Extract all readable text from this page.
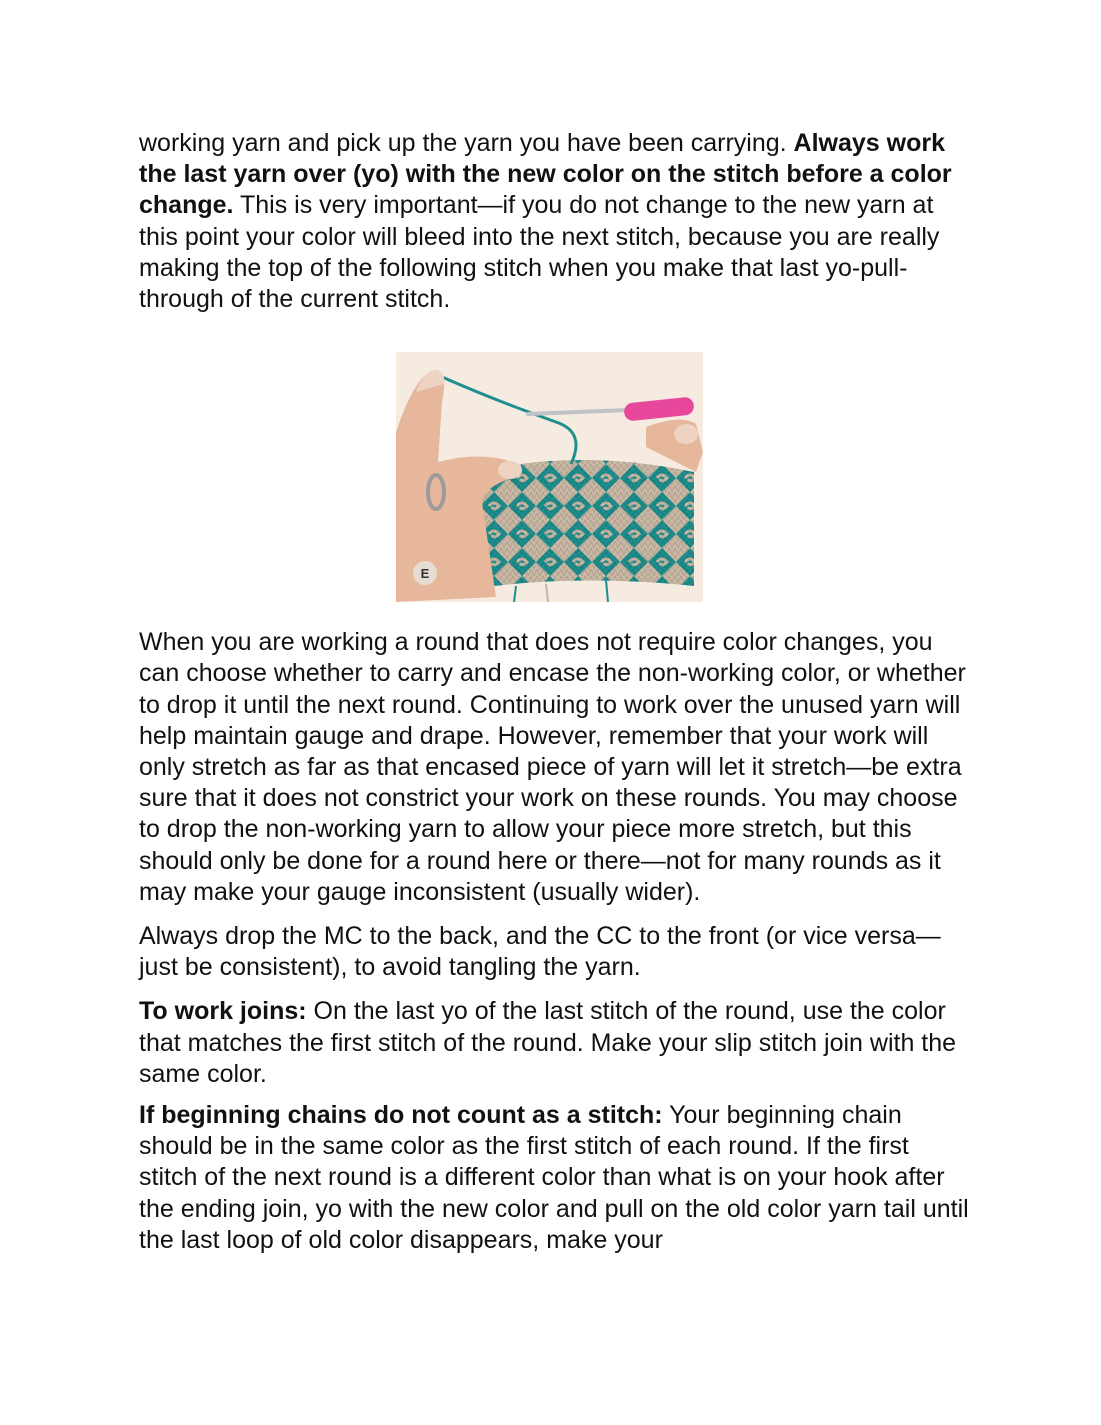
working yarn and pick up the yarn you have been carrying. Always work the last yarn over (yo) with the new color on the stitch before a color change. This is very important—if you do not change to the new yarn at this point your color will bleed into the next stitch, because you are really making the top of the following stitch when you make that last yo-pull-through of the current stitch.

E

When you are working a round that does not require color changes, you can choose whether to carry and encase the non-working color, or whether to drop it until the next round. Continuing to work over the unused yarn will help maintain gauge and drape. However, remember that your work will only stretch as far as that encased piece of yarn will let it stretch—be extra sure that it does not constrict your work on these rounds. You may choose to drop the non-working yarn to allow your piece more stretch, but this should only be done for a round here or there—not for many rounds as it may make your gauge inconsistent (usually wider).

Always drop the MC to the back, and the CC to the front (or vice versa—just be consistent), to avoid tangling the yarn.

To work joins: On the last yo of the last stitch of the round, use the color that matches the first stitch of the round. Make your slip stitch join with the same color.

If beginning chains do not count as a stitch: Your beginning chain should be in the same color as the first stitch of each round. If the first stitch of the next round is a different color than what is on your hook after the ending join, yo with the new color and pull on the old color yarn tail until the last loop of old color disappears, make your
